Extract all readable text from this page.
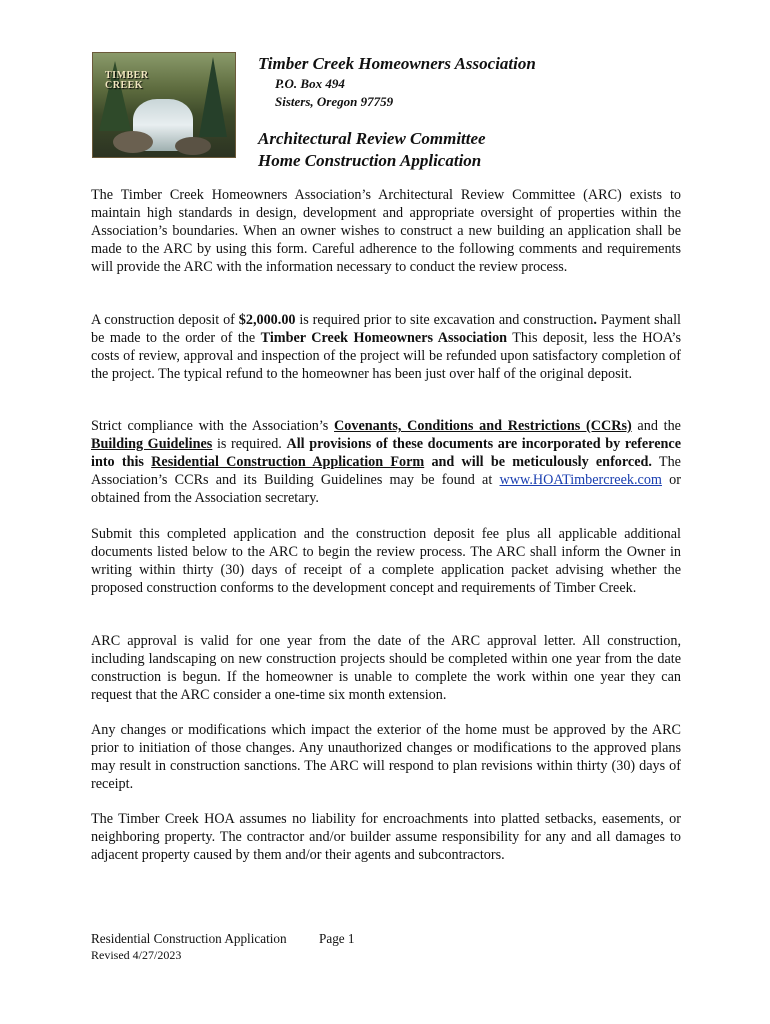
TIMBER CREEK
Timber Creek Homeowners Association
P.O. Box 494
Sisters, Oregon 97759
Architectural Review Committee
Home Construction Application

The Timber Creek Homeowners Association’s Architectural Review Committee (ARC) exists to maintain high standards in design, development and appropriate oversight of properties within the Association’s boundaries. When an owner wishes to construct a new building an application shall be made to the ARC by using this form. Careful adherence to the following comments and requirements will provide the ARC with the information necessary to conduct the review process.

A construction deposit of $2,000.00 is required prior to site excavation and construction. Payment shall be made to the order of the Timber Creek Homeowners Association This deposit, less the HOA’s costs of review, approval and inspection of the project will be refunded upon satisfactory completion of the project. The typical refund to the homeowner has been just over half of the original deposit.

Strict compliance with the Association’s Covenants, Conditions and Restrictions (CCRs) and the Building Guidelines is required. All provisions of these documents are incorporated by reference into this Residential Construction Application Form and will be meticulously enforced. The Association’s CCRs and its Building Guidelines may be found at www.HOATimbercreek.com or obtained from the Association secretary.

Submit this completed application and the construction deposit fee plus all applicable additional documents listed below to the ARC to begin the review process. The ARC shall inform the Owner in writing within thirty (30) days of receipt of a complete application packet advising whether the proposed construction conforms to the development concept and requirements of Timber Creek.

ARC approval is valid for one year from the date of the ARC approval letter. All construction, including landscaping on new construction projects should be completed within one year from the date construction is begun. If the homeowner is unable to complete the work within one year they can request that the ARC consider a one-time six month extension.

Any changes or modifications which impact the exterior of the home must be approved by the ARC prior to initiation of those changes. Any unauthorized changes or modifications to the approved plans may result in construction sanctions. The ARC will respond to plan revisions within thirty (30) days of receipt.

The Timber Creek HOA assumes no liability for encroachments into platted setbacks, easements, or neighboring property. The contractor and/or builder assume responsibility for any and all damages to adjacent property caused by them and/or their agents and subcontractors.

Residential Construction Application Page 1
Revised 4/27/2023
